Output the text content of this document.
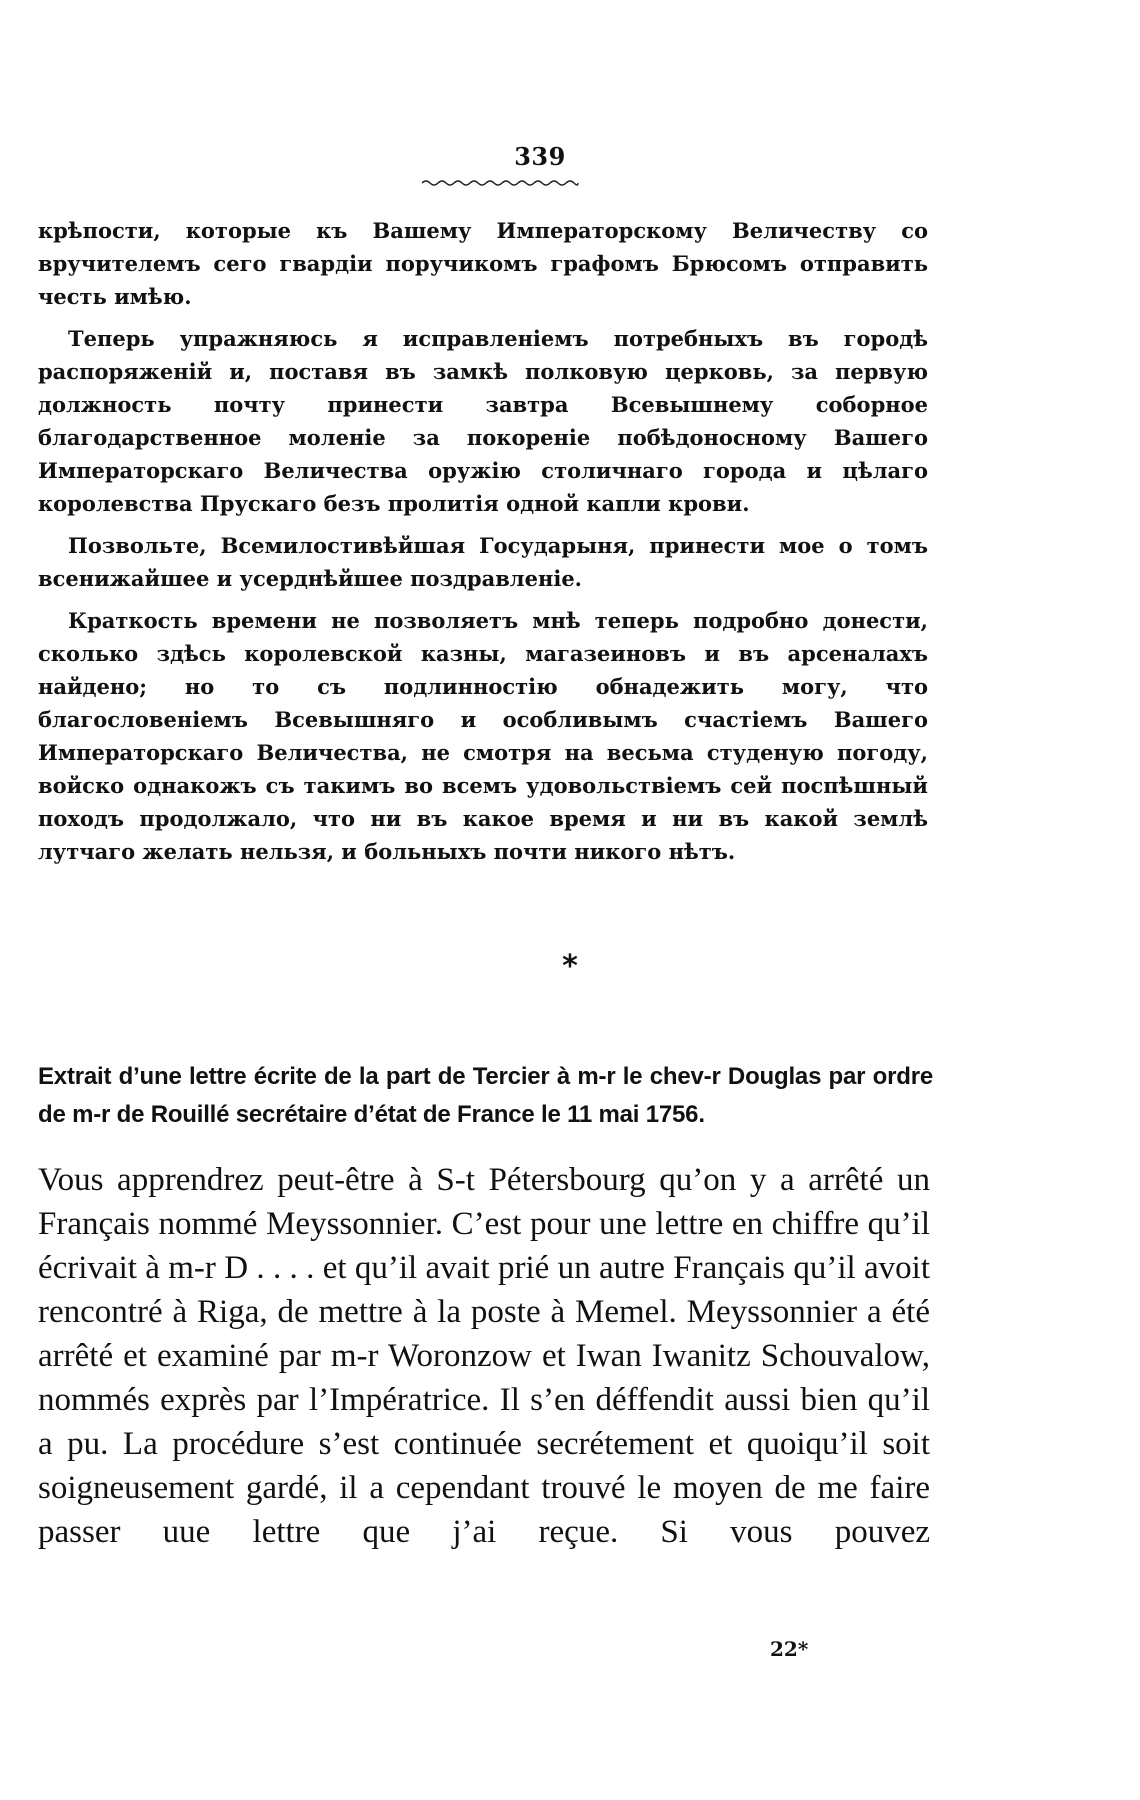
339

крѣпости, которые къ Вашему Императорскому Величеству со вручителемъ сего гвардіи поручикомъ графомъ Брюсомъ отправить честь имѣю.

Теперь упражняюсь я исправленіемъ потребныхъ въ городѣ распоряженій и, поставя въ замкѣ полковую церковь, за первую должность почту принести завтра Всевышнему соборное благодарственное моленіе за покореніе побѣдоносному Вашего Императорскаго Величества оружію столичнаго города и цѣлаго королевства Прускаго безъ пролитія одной капли крови.

Позвольте, Всемилостивѣйшая Государыня, принести мое о томъ всенижайшее и усерднѣйшее поздравленіе.

Краткость времени не позволяетъ мнѣ теперь подробно донести, сколько здѣсь королевской казны, магазеиновъ и въ арсеналахъ найдено; но то съ подлинностію обнадежить могу, что благословеніемъ Всевышняго и особливымъ счастіемъ Вашего Императорскаго Величества, не смотря на весьма студеную погоду, войско однакожъ съ такимъ во всемъ удовольствіемъ сей поспѣшный походъ продолжало, что ни въ какое время и ни въ какой землѣ лутчаго желать нельзя, и больныхъ почти никого нѣтъ.

*
Extrait d’une lettre écrite de la part de Tercier à m-r le chev-r Douglas par ordre de m-r de Rouillé secrétaire d’état de France le 11 mai 1756.
Vous apprendrez peut-être à S-t Pétersbourg qu’on y a arrêté un Français nommé Meyssonnier. C’est pour une lettre en chiffre qu’il écrivait à m-r D . . . . et qu’il avait prié un autre Français qu’il avoit rencontré à Riga, de mettre à la poste à Memel. Meyssonnier a été arrêté et examiné par m-r Woronzow et Iwan Iwanitz Schouvalow, nommés exprès par l’Impératrice. Il s’en déffendit aussi bien qu’il a pu. La procédure s’est continuée secrétement et quoiqu’il soit soigneusement gardé, il a cependant trouvé le moyen de me faire passer uue lettre que j’ai reçue. Si vous pouvez
22*
